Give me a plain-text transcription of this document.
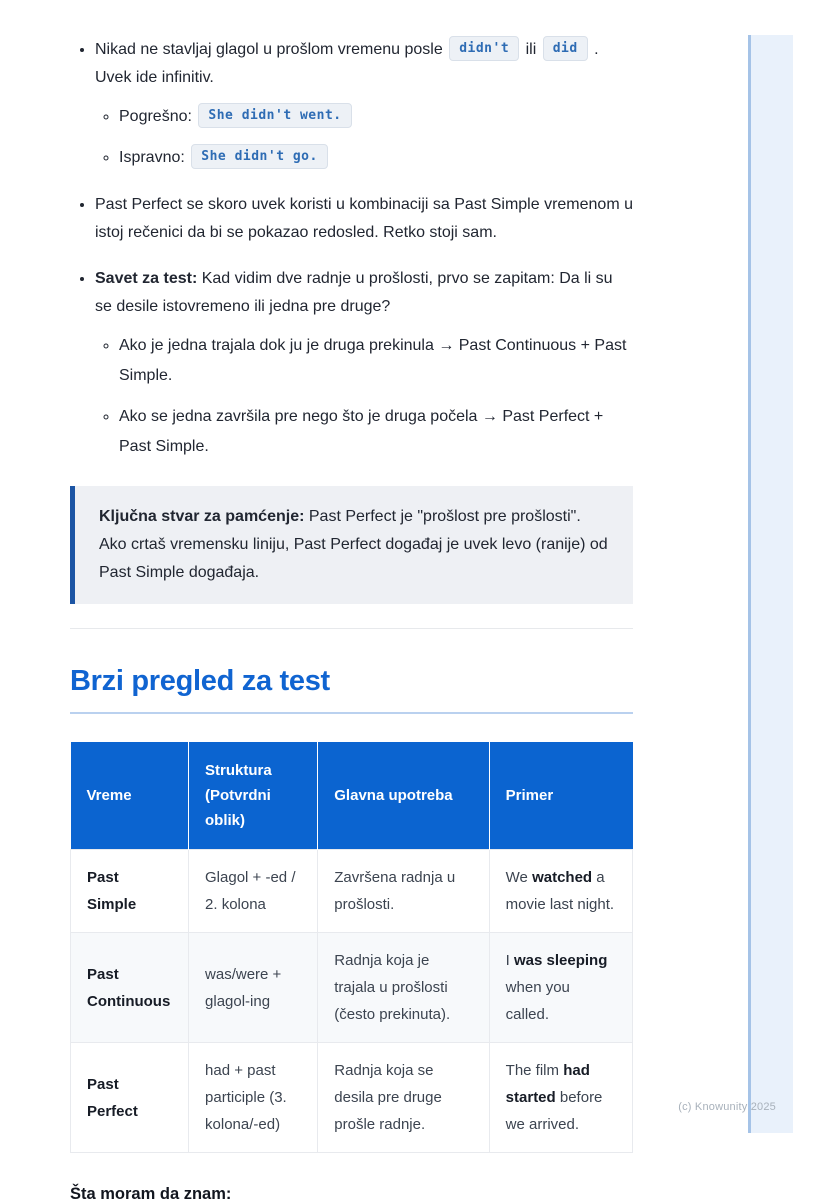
• Nikad ne stavljaj glagol u prošlom vremenu posle didn't ili did .
Uvek ide infinitiv.
◦ Pogrešno: She didn't went.
◦ Ispravno: She didn't go.
• Past Perfect se skoro uvek koristi u kombinaciji sa Past Simple vremenom u istoj rečenici da bi se pokazao redosled. Retko stoji sam.
• Savet za test: Kad vidim dve radnje u prošlosti, prvo se zapitam: Da li su se desile istovremeno ili jedna pre druge?
◦ Ako je jedna trajala dok ju je druga prekinula → Past Continuous + Past Simple.
◦ Ako se jedna završila pre nego što je druga počela → Past Perfect + Past Simple.
Ključna stvar za pamćenje: Past Perfect je "prošlost pre prošlosti". Ako crtaš vremensku liniju, Past Perfect događaj je uvek levo (ranije) od Past Simple događaja.
Brzi pregled za test
Vreme	Struktura (Potvrdni oblik)	Glavna upotreba	Primer
Past Simple	Glagol + -ed / 2. kolona	Završena radnja u prošlosti.	We watched a movie last night.
Past Continuous	was/were + glagol-ing	Radnja koja je trajala u prošlosti (često prekinuta).	I was sleeping when you called.
Past Perfect	had + past participle (3. kolona/-ed)	Radnja koja se desila pre druge prošle radnje.	The film had started before we arrived.
Šta moram da znam:
(c) Knowunity 2025
